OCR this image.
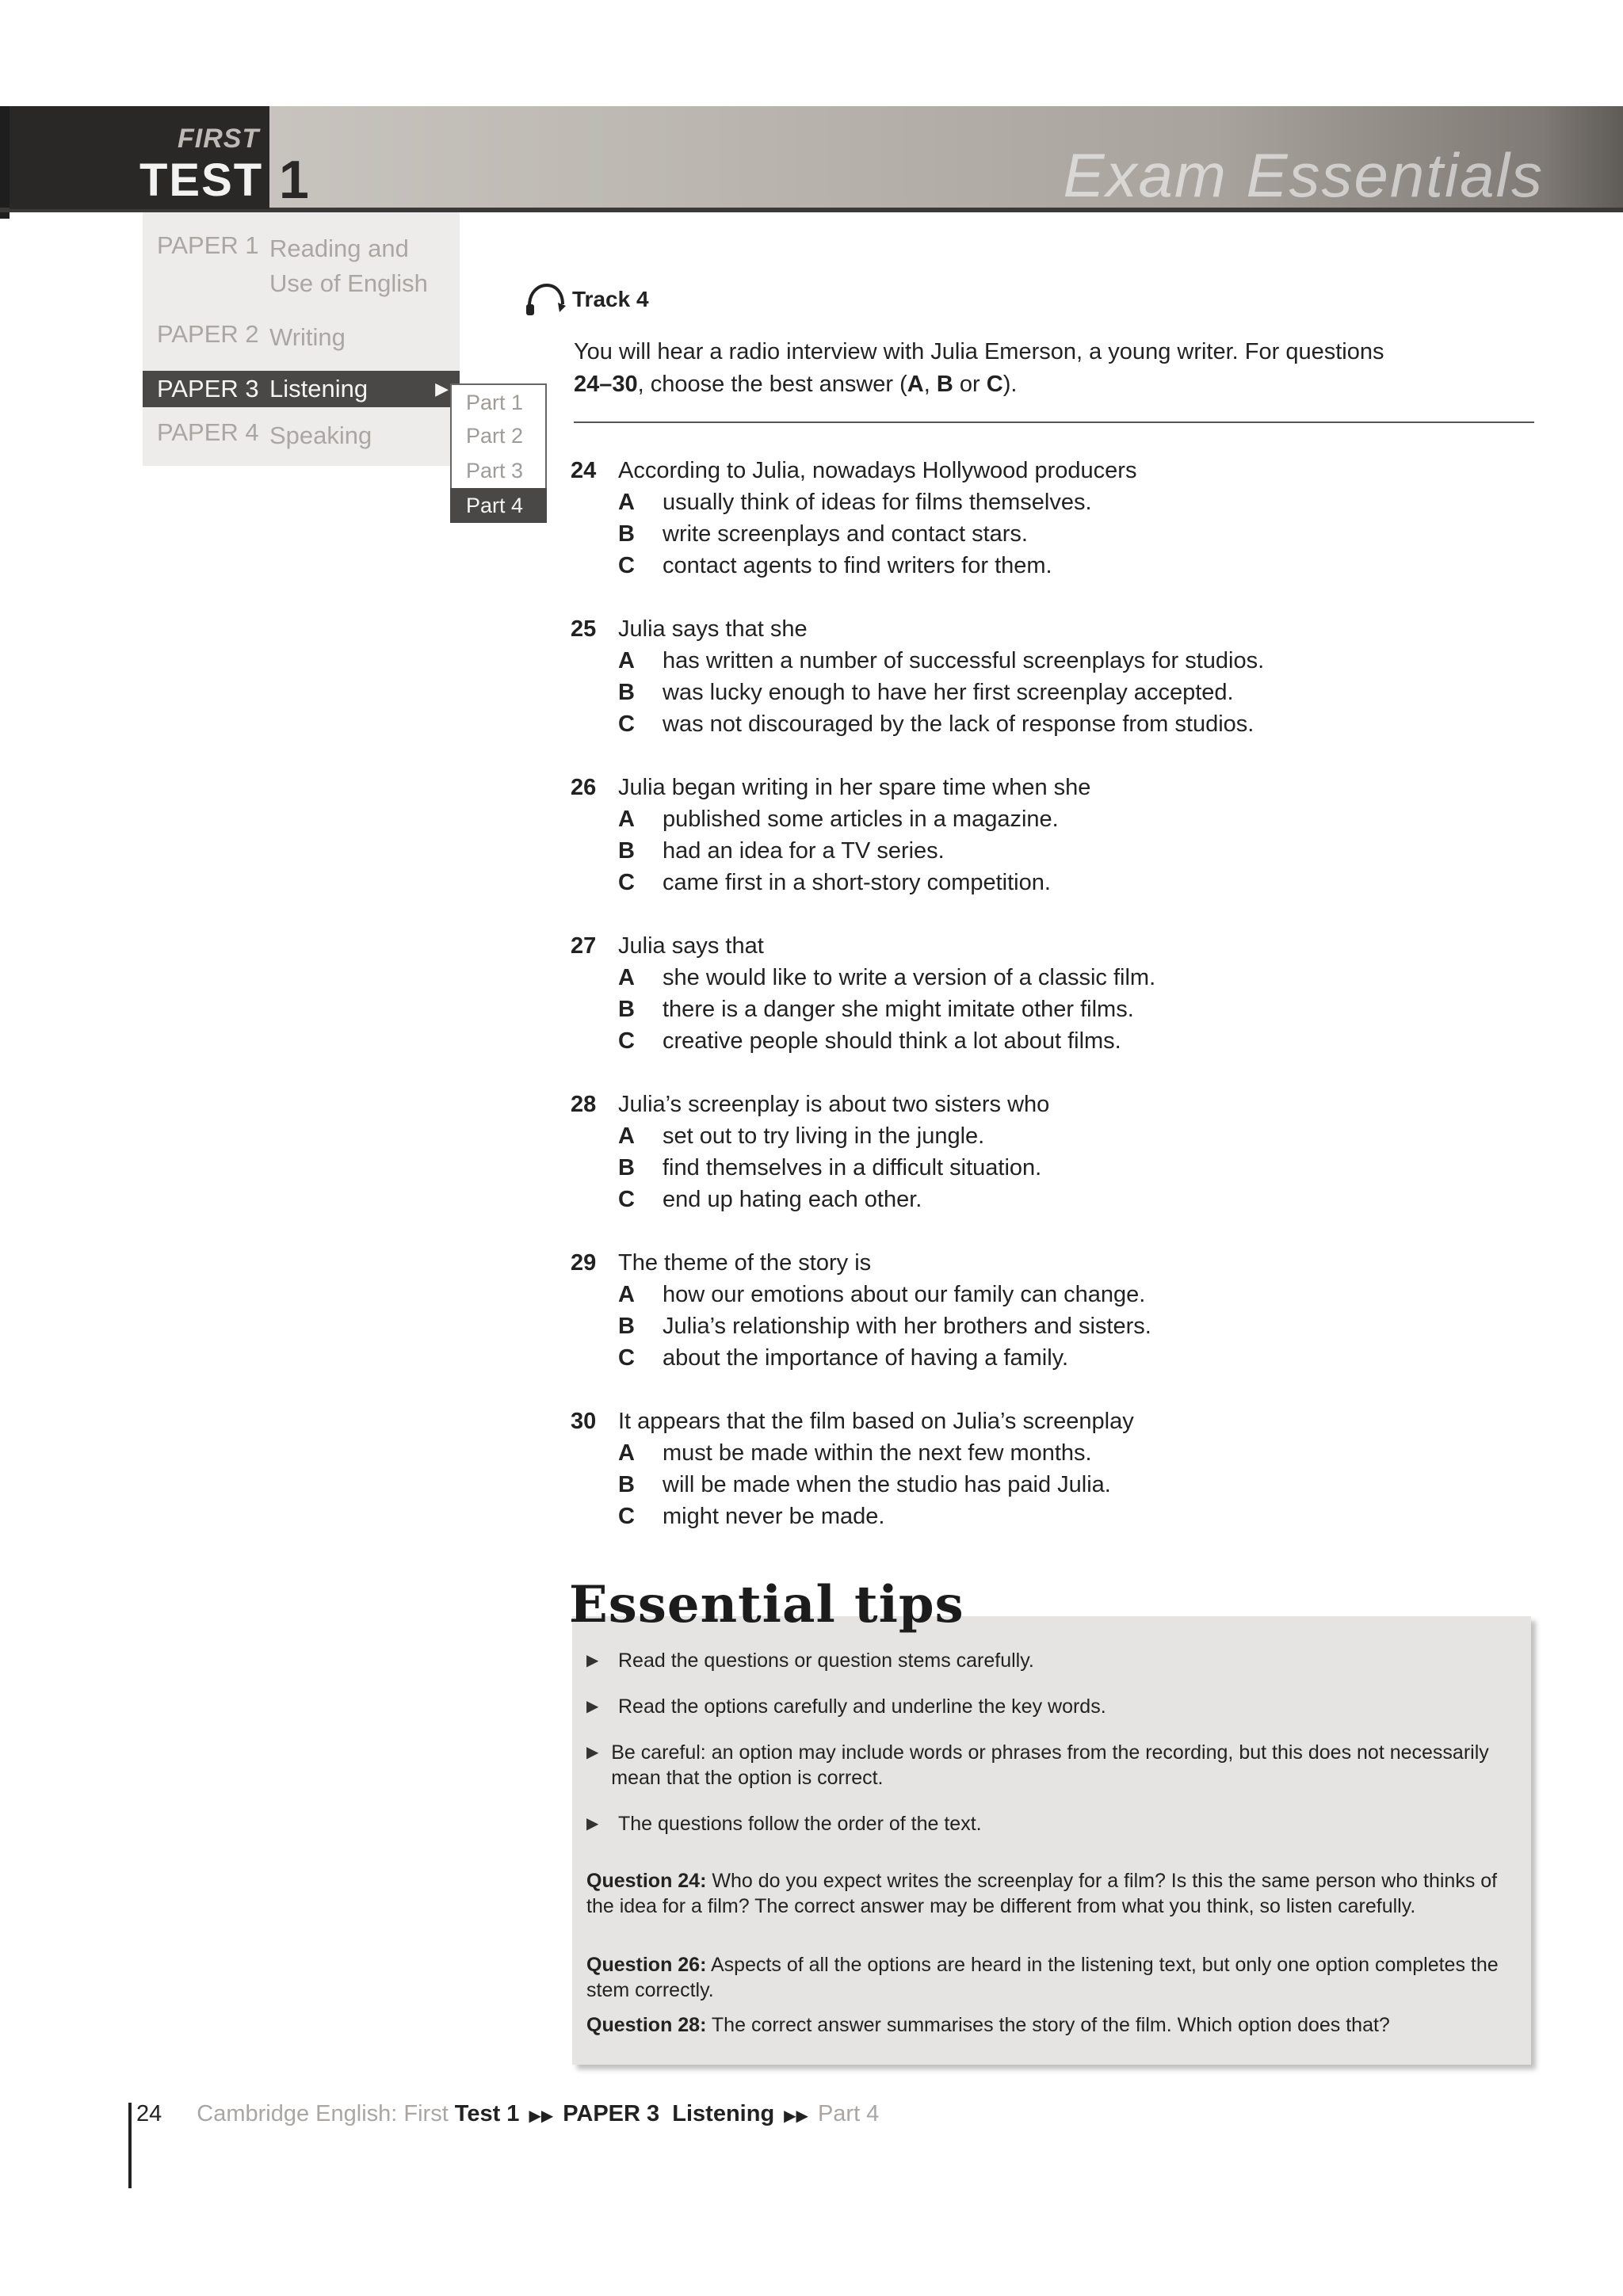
FIRST
TEST 1	Exam Essentials
PAPER 1 Reading and
Use of English
PAPER 2 Writing
PAPER 3 Listening	▶
PAPER 4 Speaking
Part 1
Part 2
Part 3
Part 4
Track 4
You will hear a radio interview with Julia Emerson, a young writer. For questions
24–30, choose the best answer (A, B or C).
24 According to Julia, nowadays Hollywood producers
A	usually think of ideas for films themselves.
B	write screenplays and contact stars.
C	contact agents to find writers for them.
25 Julia says that she
A	has written a number of successful screenplays for studios.
B	was lucky enough to have her first screenplay accepted.
C	was not discouraged by the lack of response from studios.
26 Julia began writing in her spare time when she
A	published some articles in a magazine.
B	had an idea for a TV series.
C	came first in a short-story competition.
27 Julia says that
A	she would like to write a version of a classic film.
B	there is a danger she might imitate other films.
C	creative people should think a lot about films.
28 Julia’s screenplay is about two sisters who
A	set out to try living in the jungle.
B	find themselves in a difficult situation.
C	end up hating each other.
29 The theme of the story is
A	how our emotions about our family can change.
B	Julia’s relationship with her brothers and sisters.
C	about the importance of having a family.
30 It appears that the film based on Julia’s screenplay
A	must be made within the next few months.
B	will be made when the studio has paid Julia.
C	might never be made.
▶ Read the questions or question stems carefully.
▶ Read the options carefully and underline the key words.
▶ Be careful: an option may include words or phrases from the recording, but this does not necessarily mean that the option is correct.
▶ The questions follow the order of the text.
Question 24: Who do you expect writes the screenplay for a film? Is this the same person who thinks of the idea for a film? The correct answer may be different from what you think, so listen carefully.
Question 26: Aspects of all the options are heard in the listening text, but only one option completes the stem correctly.
Question 28: The correct answer summarises the story of the film. Which option does that?
Essential tips
24 Cambridge English: First Test 1 ▶▶ PAPER 3
Listening ▶▶ Part 4
